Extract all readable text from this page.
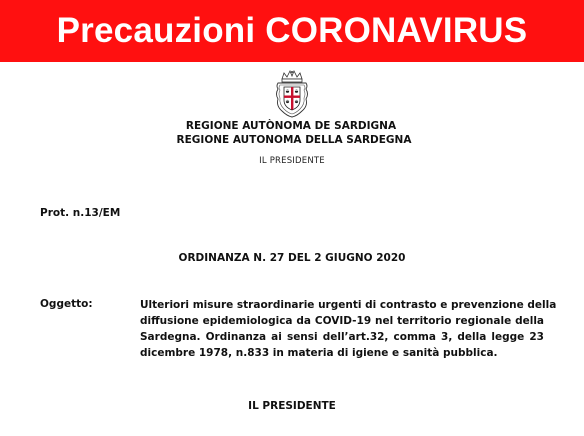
Precauzioni CORONAVIRUS
REGIONE AUTÒNOMA DE SARDIGNA
REGIONE AUTONOMA DELLA SARDEGNA
IL PRESIDENTE
Prot. n.13/EM
ORDINANZA N. 27 DEL 2 GIUGNO 2020
Oggetto:	Ulteriori misure straordinarie urgenti di contrasto e prevenzione della
diffusione epidemiologica da COVID-19 nel territorio regionale della
Sardegna. Ordinanza ai sensi dell’art.32, comma 3, della legge 23
dicembre 1978, n.833 in materia di igiene e sanità pubblica.
IL PRESIDENTE
